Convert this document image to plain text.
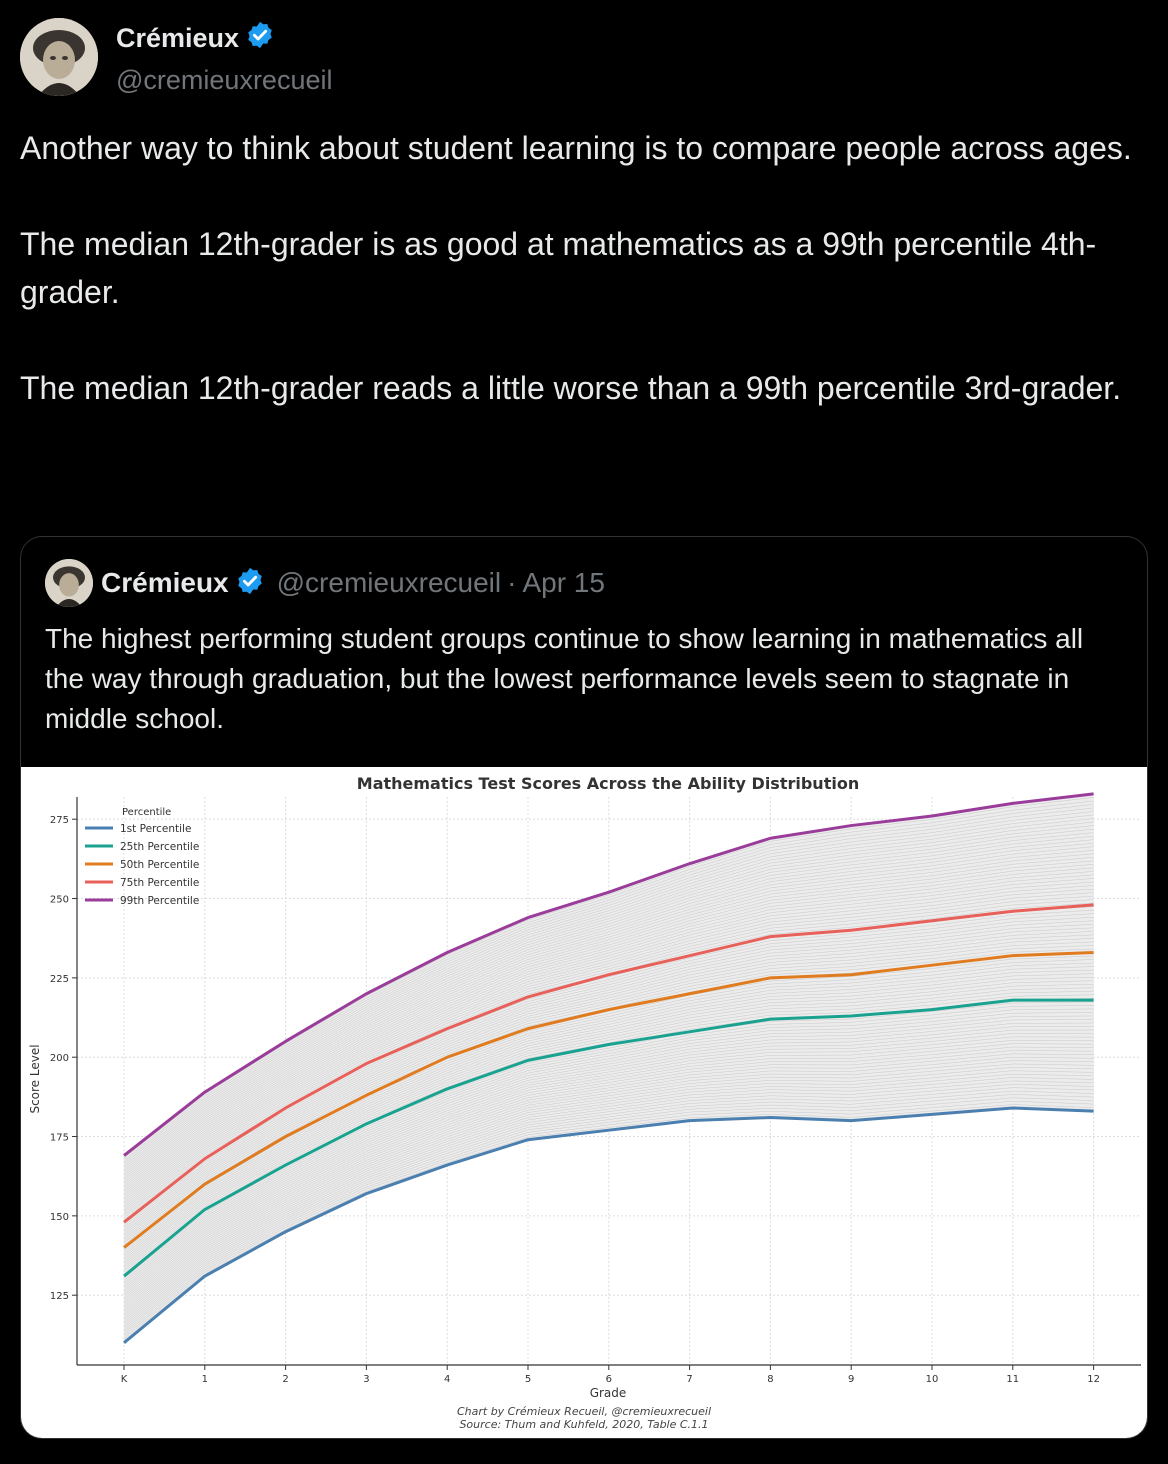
Crémieux
@cremieuxrecueil
Another way to think about student learning is to compare people across ages.

The median 12th-grader is as good at mathematics as a 99th percentile 4th-grader.

The median 12th-grader reads a little worse than a 99th percentile 3rd-grader.
Crémieux @cremieuxrecueil · Apr 15
The highest performing student groups continue to show learning in mathematics all the way through graduation, but the lowest performance levels seem to stagnate in middle school.
Mathematics Test Scores Across the Ability Distribution
125
150
175
200
225
250
275
K	1	2	3	4	5	6	7	8	9	10	11	12
Percentile
1st Percentile
25th Percentile
50th Percentile
75th Percentile
99th Percentile
Grade
Score Level
Chart by Crémieux Recueil, @cremieuxrecueil
Source: Thum and Kuhfeld, 2020, Table C.1.1
